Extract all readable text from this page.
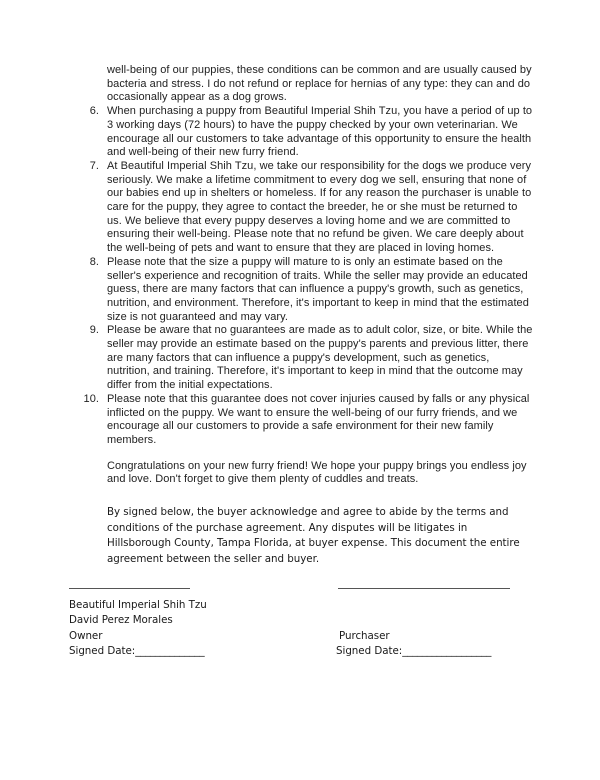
well-being of our puppies, these conditions can be common and are usually caused by bacteria and stress. I do not refund or replace for hernias of any type: they can and do occasionally appear as a dog grows.

6. When purchasing a puppy from Beautiful Imperial Shih Tzu, you have a period of up to 3 working days (72 hours) to have the puppy checked by your own veterinarian. We encourage all our customers to take advantage of this opportunity to ensure the health and well-being of their new furry friend.
7. At Beautiful Imperial Shih Tzu, we take our responsibility for the dogs we produce very seriously. We make a lifetime commitment to every dog we sell, ensuring that none of our babies end up in shelters or homeless. If for any reason the purchaser is unable to care for the puppy, they agree to contact the breeder, he or she must be returned to us. We believe that every puppy deserves a loving home and we are committed to ensuring their well-being. Please note that no refund be given. We care deeply about the well-being of pets and want to ensure that they are placed in loving homes.
8. Please note that the size a puppy will mature to is only an estimate based on the seller's experience and recognition of traits. While the seller may provide an educated guess, there are many factors that can influence a puppy's growth, such as genetics, nutrition, and environment. Therefore, it's important to keep in mind that the estimated size is not guaranteed and may vary.
9. Please be aware that no guarantees are made as to adult color, size, or bite. While the seller may provide an estimate based on the puppy's parents and previous litter, there are many factors that can influence a puppy's development, such as genetics, nutrition, and training. Therefore, it's important to keep in mind that the outcome may differ from the initial expectations.
10. Please note that this guarantee does not cover injuries caused by falls or any physical inflicted on the puppy. We want to ensure the well-being of our furry friends, and we encourage all our customers to provide a safe environment for their new family members.

Congratulations on your new furry friend! We hope your puppy brings you endless joy and love. Don't forget to give them plenty of cuddles and treats.

By signed below, the buyer acknowledge and agree to abide by the terms and conditions of the purchase agreement. Any disputes will be litigates in Hillsborough County, Tampa Florida, at buyer expense. This document the entire agreement between the seller and buyer.

Beautiful Imperial Shih Tzu
David Perez Morales
Owner
Signed Date:______________
Purchaser
Signed Date:__________________
